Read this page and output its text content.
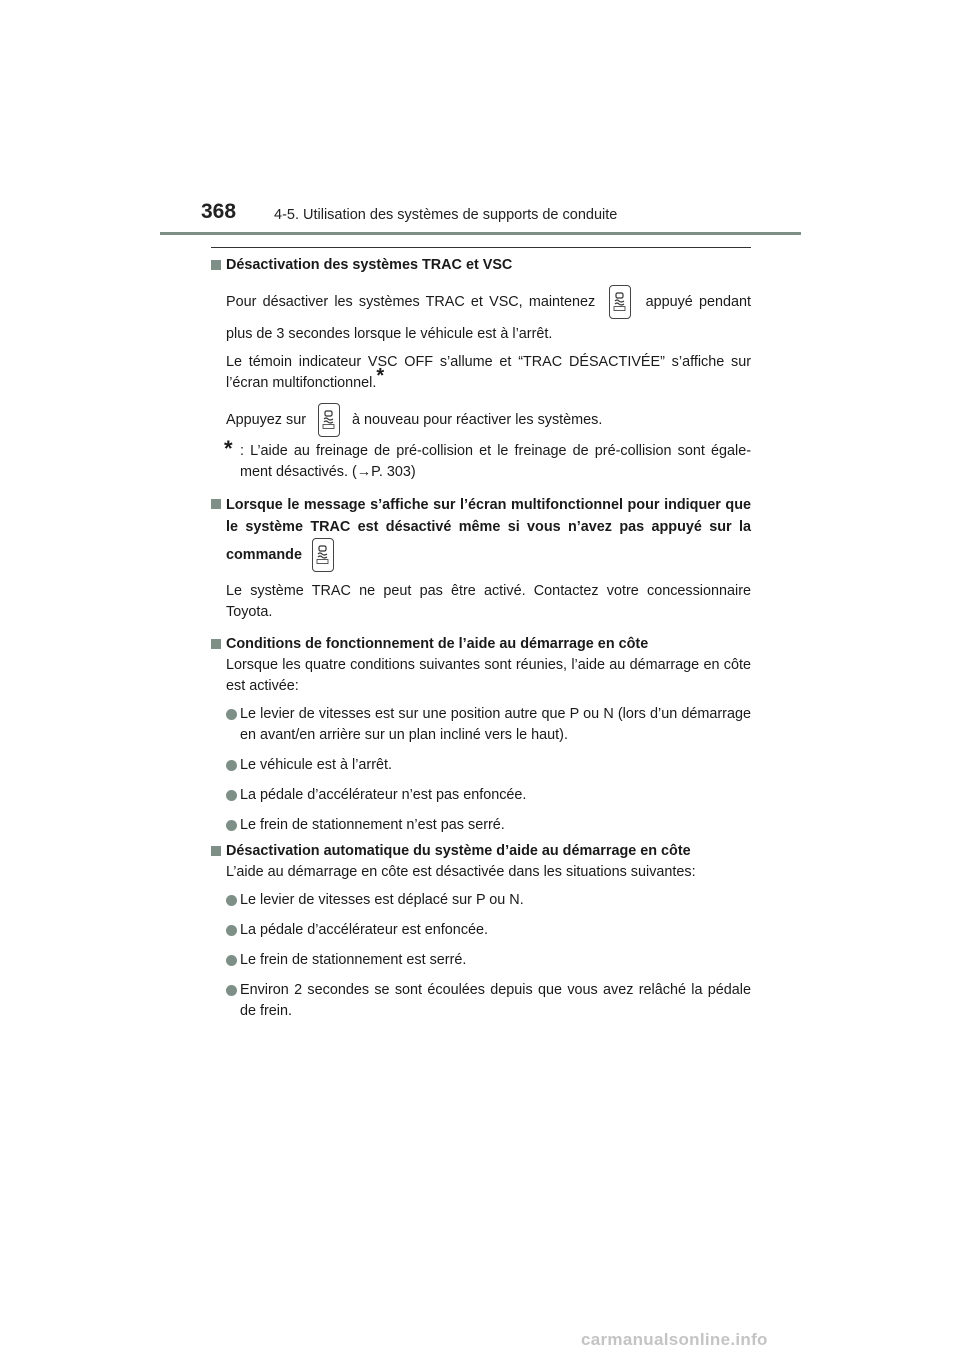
368	4-5. Utilisation des systèmes de supports de conduite

Désactivation des systèmes TRAC et VSC

Pour désactiver les systèmes TRAC et VSC, maintenez	appuyé pendant plus de 3 secondes lorsque le véhicule est à l’arrêt.

Le témoin indicateur VSC OFF s’allume et “TRAC DÉSACTIVÉE” s’affiche sur l’écran multifonctionnel.*

Appuyez sur	à nouveau pour réactiver les systèmes.

* : L’aide au freinage de pré-collision et le freinage de pré-collision sont également désactivés. (→P. 303)

Lorsque le message s’affiche sur l’écran multifonctionnel pour indiquer que le système TRAC est désactivé même si vous n’avez pas appuyé sur la commande

Le système TRAC ne peut pas être activé. Contactez votre concessionnaire Toyota.

Conditions de fonctionnement de l’aide au démarrage en côte

Lorsque les quatre conditions suivantes sont réunies, l’aide au démarrage en côte est activée:

Le levier de vitesses est sur une position autre que P ou N (lors d’un démarrage en avant/en arrière sur un plan incliné vers le haut).

Le véhicule est à l’arrêt.

La pédale d’accélérateur n’est pas enfoncée.

Le frein de stationnement n’est pas serré.

Désactivation automatique du système d’aide au démarrage en côte

L’aide au démarrage en côte est désactivée dans les situations suivantes:

Le levier de vitesses est déplacé sur P ou N.

La pédale d’accélérateur est enfoncée.

Le frein de stationnement est serré.

Environ 2 secondes se sont écoulées depuis que vous avez relâché la pédale de frein.

carmanualsonline.info
